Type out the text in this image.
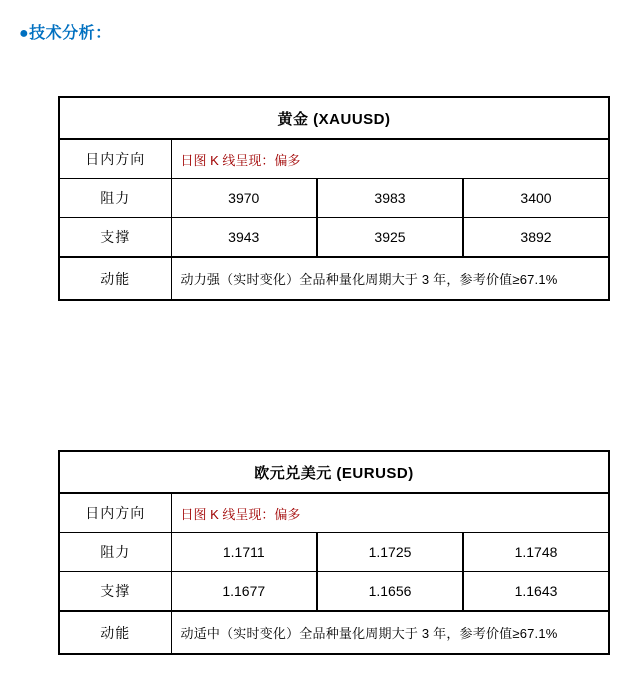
●技术分析：
黄金 (XAUUSD)			
日内方向	日图 K 线呈现：偏多		
阻力	3970	3983	3400
支撑	3943	3925	3892
动能	动力强（实时变化）全品种量化周期大于 3 年，参考价值≥67.1%		
欧元兑美元 (EURUSD)			
日内方向	日图 K 线呈现：偏多		
阻力	1.1711	1.1725	1.1748
支撑	1.1677	1.1656	1.1643
动能	动适中（实时变化）全品种量化周期大于 3 年，参考价值≥67.1%		
